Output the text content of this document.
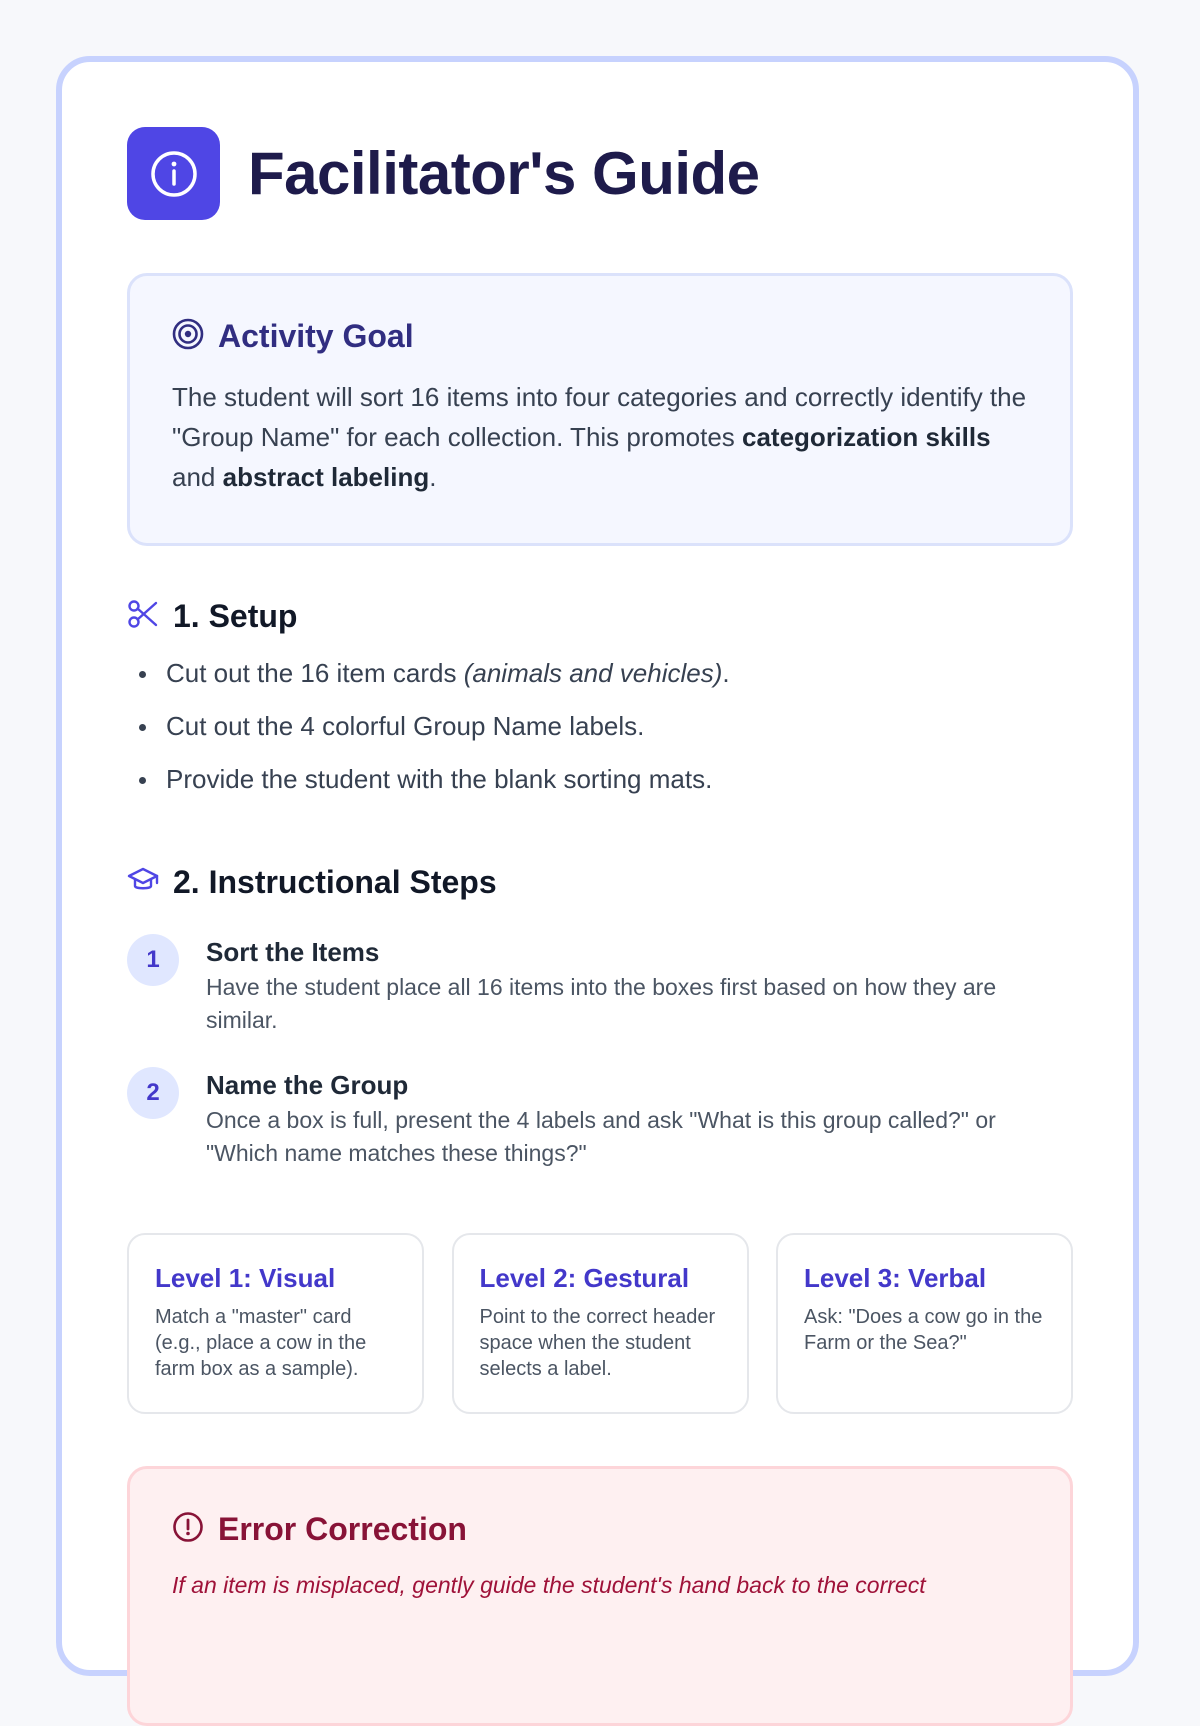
Facilitator's Guide
Activity Goal
The student will sort 16 items into four categories and correctly identify the "Group Name" for each collection. This promotes categorization skills and abstract labeling.
1. Setup
Cut out the 16 item cards (animals and vehicles).
Cut out the 4 colorful Group Name labels.
Provide the student with the blank sorting mats.
2. Instructional Steps
1	Sort the Items
Have the student place all 16 items into the boxes first based on how they are similar.
2	Name the Group
Once a box is full, present the 4 labels and ask "What is this group called?" or "Which name matches these things?"
Level 1: Visual
Match a "master" card (e.g., place a cow in the farm box as a sample).
Level 2: Gestural
Point to the correct header space when the student selects a label.
Level 3: Verbal
Ask: "Does a cow go in the Farm or the Sea?"
Error Correction
If an item is misplaced, gently guide the student's hand back to the correct
